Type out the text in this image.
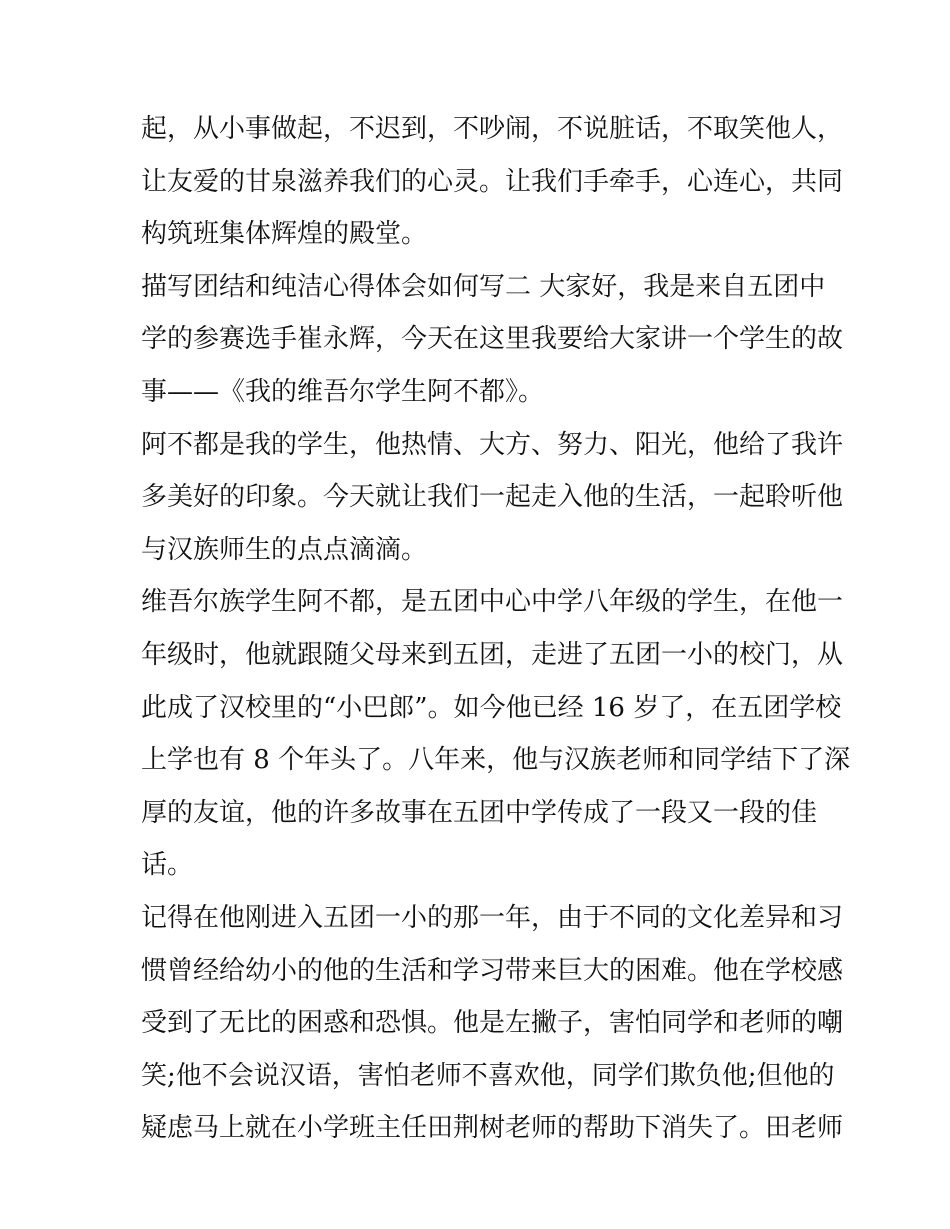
起，从小事做起，不迟到，不吵闹，不说脏话，不取笑他人，
让友爱的甘泉滋养我们的心灵。让我们手牵手，心连心，共同
构筑班集体辉煌的殿堂。
描写团结和纯洁心得体会如何写二 大家好，我是来自五团中
学的参赛选手崔永辉，今天在这里我要给大家讲一个学生的故
事——《我的维吾尔学生阿不都》。
阿不都是我的学生，他热情、大方、努力、阳光，他给了我许
多美好的印象。今天就让我们一起走入他的生活，一起聆听他
与汉族师生的点点滴滴。
维吾尔族学生阿不都，是五团中心中学八年级的学生，在他一
年级时，他就跟随父母来到五团，走进了五团一小的校门，从
此成了汉校里的“小巴郎”。如今他已经 16 岁了，在五团学校
上学也有 8 个年头了。八年来，他与汉族老师和同学结下了深
厚的友谊，他的许多故事在五团中学传成了一段又一段的佳
话。
记得在他刚进入五团一小的那一年，由于不同的文化差异和习
惯曾经给幼小的他的生活和学习带来巨大的困难。他在学校感
受到了无比的困惑和恐惧。他是左撇子，害怕同学和老师的嘲
笑;他不会说汉语，害怕老师不喜欢他，同学们欺负他;但他的
疑虑马上就在小学班主任田荆树老师的帮助下消失了。田老师
